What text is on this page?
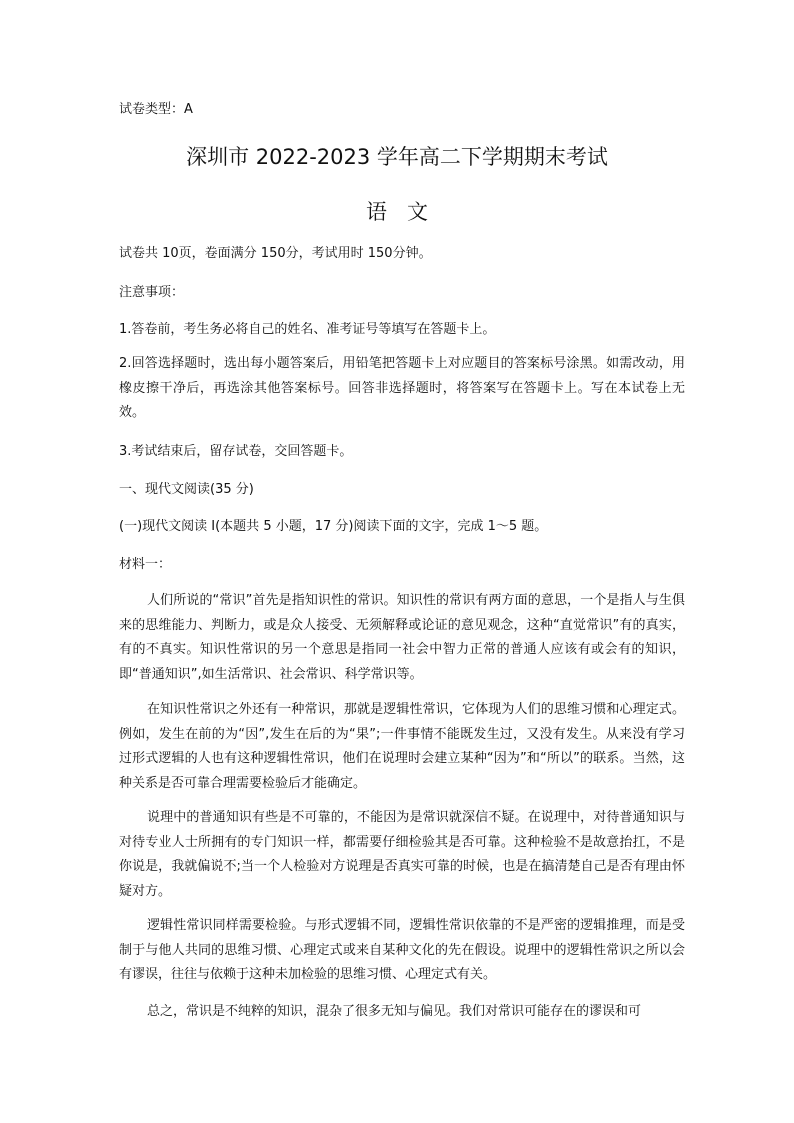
试卷类型：A
深圳市 2022-2023 学年高二下学期期末考试
语文
试卷共 10页，卷面满分 150分，考试用时 150分钟。
注意事项：
1.答卷前，考生务必将自己的姓名、准考证号等填写在答题卡上。
2.回答选择题时，选出每小题答案后，用铅笔把答题卡上对应题目的答案标号涂黑。如需改动，用橡皮擦干净后，再选涂其他答案标号。回答非选择题时，将答案写在答题卡上。写在本试卷上无效。
3.考试结束后，留存试卷，交回答题卡。
一、现代文阅读(35 分)
(一)现代文阅读 I(本题共 5 小题，17 分)阅读下面的文字，完成 1～5 题。
材料一：
人们所说的“常识”首先是指知识性的常识。知识性的常识有两方面的意思，一个是指人与生俱来的思维能力、判断力，或是众人接受、无须解释或论证的意见观念，这种“直觉常识”有的真实，有的不真实。知识性常识的另一个意思是指同一社会中智力正常的普通人应该有或会有的知识，即“普通知识”,如生活常识、社会常识、科学常识等。
在知识性常识之外还有一种常识，那就是逻辑性常识，它体现为人们的思维习惯和心理定式。例如，发生在前的为“因”,发生在后的为“果”;一件事情不能既发生过，又没有发生。从来没有学习过形式逻辑的人也有这种逻辑性常识，他们在说理时会建立某种“因为”和“所以”的联系。当然，这种关系是否可靠合理需要检验后才能确定。
说理中的普通知识有些是不可靠的，不能因为是常识就深信不疑。在说理中，对待普通知识与对待专业人士所拥有的专门知识一样，都需要仔细检验其是否可靠。这种检验不是故意抬扛，不是你说是，我就偏说不;当一个人检验对方说理是否真实可靠的时候，也是在搞清楚自己是否有理由怀疑对方。
逻辑性常识同样需要检验。与形式逻辑不同，逻辑性常识依靠的不是严密的逻辑推理，而是受制于与他人共同的思维习惯、心理定式或来自某种文化的先在假设。说理中的逻辑性常识之所以会有谬误，往往与依赖于这种未加检验的思维习惯、心理定式有关。
总之，常识是不纯粹的知识，混杂了很多无知与偏见。我们对常识可能存在的谬误和可
